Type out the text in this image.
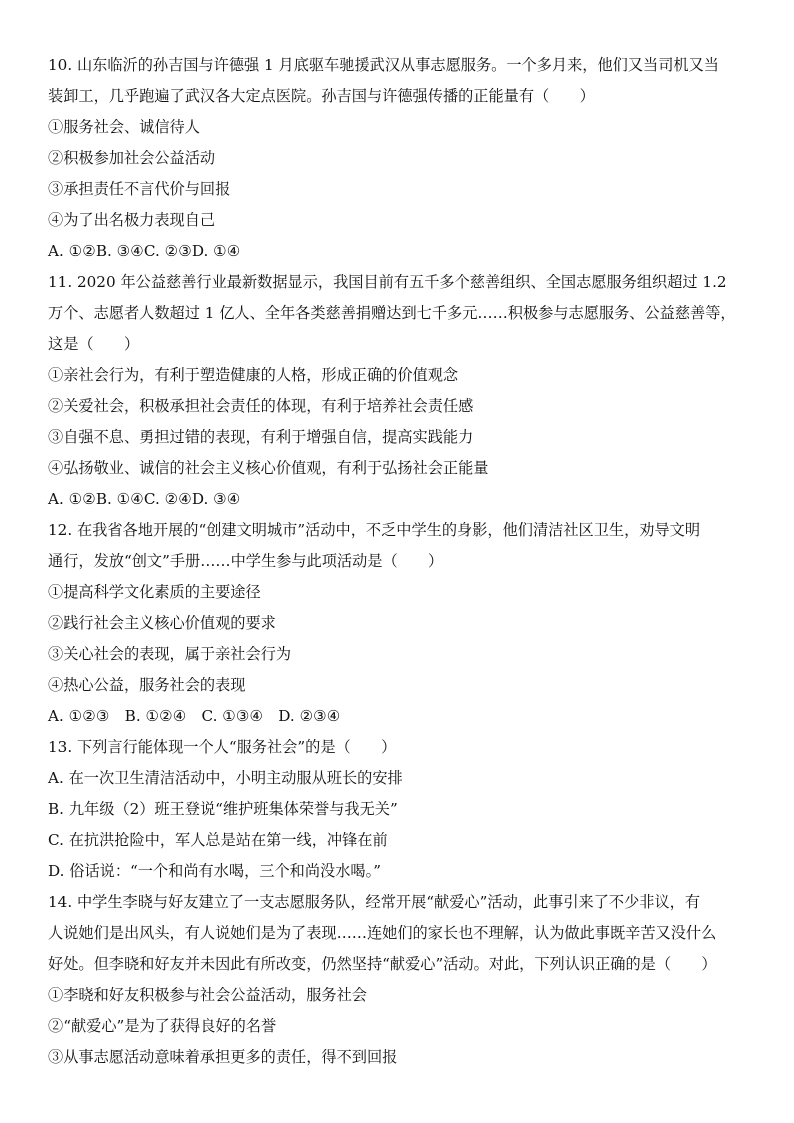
10. 山东临沂的孙吉国与许德强 1 月底驱车驰援武汉从事志愿服务。一个多月来，他们又当司机又当

装卸工，几乎跑遍了武汉各大定点医院。孙吉国与许德强传播的正能量有（　　）

①服务社会、诚信待人

②积极参加社会公益活动

③承担责任不言代价与回报

④为了出名极力表现自己

A. ①②B. ③④C. ②③D. ①④

11. 2020 年公益慈善行业最新数据显示，我国目前有五千多个慈善组织、全国志愿服务组织超过 1.2

万个、志愿者人数超过 1 亿人、全年各类慈善捐赠达到七千多元……积极参与志愿服务、公益慈善等，

这是（　　）

①亲社会行为，有利于塑造健康的人格，形成正确的价值观念

②关爱社会，积极承担社会责任的体现，有利于培养社会责任感

③自强不息、勇担过错的表现，有利于增强自信，提高实践能力

④弘扬敬业、诚信的社会主义核心价值观，有利于弘扬社会正能量

A. ①②B. ①④C. ②④D. ③④

12. 在我省各地开展的“创建文明城市”活动中，不乏中学生的身影，他们清洁社区卫生，劝导文明

通行，发放“创文”手册……中学生参与此项活动是（　　）

①提高科学文化素质的主要途径

②践行社会主义核心价值观的要求

③关心社会的表现，属于亲社会行为

④热心公益，服务社会的表现

A. ①②③　B. ①②④　C. ①③④　D. ②③④

13. 下列言行能体现一个人“服务社会”的是（　　）

A. 在一次卫生清洁活动中，小明主动服从班长的安排

B. 九年级（2）班王登说“维护班集体荣誉与我无关”

C. 在抗洪抢险中，军人总是站在第一线，冲锋在前

D. 俗话说：“一个和尚有水喝，三个和尚没水喝。”

14. 中学生李晓与好友建立了一支志愿服务队，经常开展“献爱心”活动，此事引来了不少非议，有

人说她们是出风头，有人说她们是为了表现……连她们的家长也不理解，认为做此事既辛苦又没什么

好处。但李晓和好友并未因此有所改变，仍然坚持“献爱心”活动。对此，下列认识正确的是（　　）

①李晓和好友积极参与社会公益活动，服务社会

②“献爱心”是为了获得良好的名誉

③从事志愿活动意味着承担更多的责任，得不到回报
